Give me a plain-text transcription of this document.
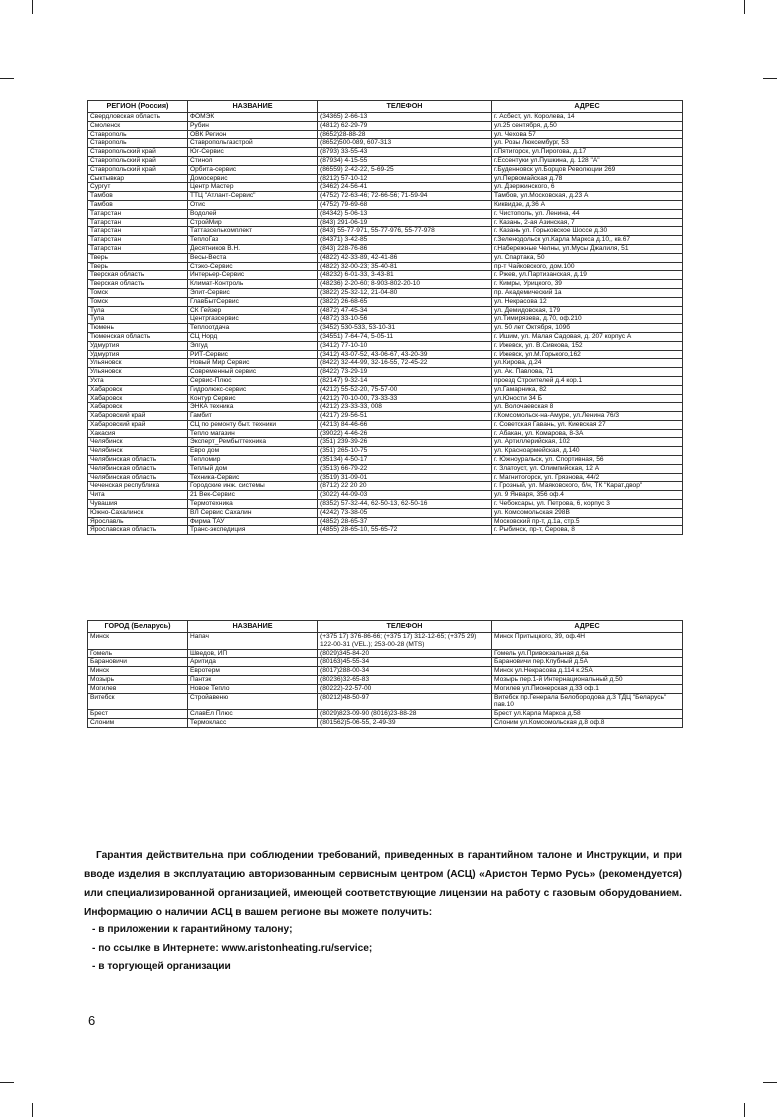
РЕГИОН (Россия)	НАЗВАНИЕ	ТЕЛЕФОН	АДРЕС
Свердловская область	ФОМЭК	(34365) 2-66-13	г. Асбест, ул. Королева, 14
Смоленск	Рубин	(4812) 62-29-79	ул.25 сентября, д.50
Ставрополь	ОВК Регион	(8652)28-88-28	ул. Чехова 57
Ставрополь	Ставропольгазстрой	(8652)500-089, 607-313	ул. Розы Люксембург, 53
Ставропольский край	Юг-Сервис	(8793) 33-55-43	г.Пятигорск, ул.Пирогова, д.17
Ставропольский край	Стинол	(87934) 4-15-55	г.Ессентуки ул.Пушкина, д. 128 "А"
Ставропольский край	Орбита-сервис	(86559) 2-42-22, 5-69-25	г.Буденновск ул.Борцов Революции 269
Сыктывкар	Домосервис	(8212) 57-10-12	ул.Первомайская д.78
Сургут	Центр Мастер	(3462) 24-56-41	ул. Дзержинского, 6
Тамбов	ТТЦ "Атлант-Сервис"	(4752) 72-63-46; 72-66-56; 71-59-94	Тамбов, ул.Московская, д.23 А
Тамбов	Отис	(4752) 79-69-68	Киквидзе, д.36 А
Татарстан	Водолей	(84342) 5-06-13	г. Чистополь, ул. Ленина, 44
Татарстан	СтройМир	(843) 291-06-19	г. Казань, 2-ая Азинская, 7
Татарстан	Таттазселькомплект	(843) 55-77-971, 55-77-976, 55-77-978	г. Казань ул. Горьковское Шоссе д.30
Татарстан	ТеплоГаз	(84371) 3-42-85	г.Зеленодольск ул.Карла Маркса д.10,, кв.67
Татарстан	Десятников В.Н.	(843) 228-76-86	г.Набережные Челны, ул.Мусы Джалиля, 51
Тверь	Весы-Веста	(4822) 42-33-89, 42-41-86	ул. Спартака, 50
Тверь	Стэко-Сервис	(4822) 32-00-23; 35-40-81	пр-т Чайковского, дом.100
Тверская область	Интерьер-Сервис	(48232) 6-01-33, 3-43-81	г. Ржев, ул.Партизанская, д.19
Тверская область	Климат-Контроль	(48236) 2-20-60; 8-903-802-20-10	г. Кимры, Урицкого, 39
Томск	Элит-Сервис	(3822) 25-32-12, 21-04-80	пр. Академический 1а
Томск	ГлавБытСервис	(3822) 26-68-65	ул. Некрасова 12
Тула	СК Гейзер	(4872) 47-45-34	ул. Демидовская, 179
Тула	Центргазсервис	(4872) 33-10-56	ул.Тимирязева, д.70, оф.210
Тюмень	Теплоотдача	(3452) 530-533, 53-10-31	ул. 50 лет Октября, 109б
Тюменская область	СЦ Норд	(34551) 7-64-74, 5-05-11	г. Ишим, ул. Малая Садовая, д. 207 корпус А
Удмуртия	Элгуд	(3412) 77-10-10	г. Ижевск, ул. В.Сивкова, 152
Удмуртия	РИТ-Сервис	(3412) 43-07-52, 43-06-67, 43-20-39	г. Ижевск, ул.М.Горького,162
Ульяновск	Новый Мир Сервис	(8422) 32-44-99, 32-16-55, 72-45-22	ул.Кирова, д.24
Ульяновск	Современный сервис	(8422) 73-29-19	ул. Ак. Павлова, 71
Ухта	Сервис-Плюс	(82147) 9-32-14	проезд Строителей д.4 кор.1
Хабаровск	Гидролюкс-сервис	(4212) 55-52-20, 75-57-00	ул.Гамарника, 82
Хабаровск	Контур Сервис	(4212) 70-10-00, 73-33-33	ул.Юности 34 Б
Хабаровск	ЭНКА техника	(4212) 23-33-33, 008	ул. Волочаевская 8
Хабаровский край	Гамбит	(4217) 29-56-51	г.Комсомольск-на-Амуре, ул.Ленина 76/3
Хабаровский край	СЦ по ремонту быт. техники	(4213) 84-46-66	г. Советская Гавань, ул. Киевская 27
Хакасия	Тепло магазин	(39022) 4-46-26	г. Абакан, ул. Комарова, 8-3А
Челябинск	Эксперт_Рембыттехника	(351) 239-39-26	ул. Артиллерийская, 102
Челябинск	Евро дом	(351) 265-10-75	ул. Красноармейская, д.140
Челябинская область	Тепломир	(35134) 4-50-17	г. Южноуральск, ул. Спортивная, 56
Челябинская область	Теплый дом	(3513) 66-79-22	г. Златоуст, ул. Олимпийская, 12 А
Челябинская область	Техника-Сервис	(3519) 31-09-01	г. Магнитогорск, ул. Грязнова, 44/2
Чеченская республика	Городские инж. системы	(8712) 22 20 20	г. Грозный, ул. Маяковского, б/н, ТК "Карат.двор"
Чита	21 Век-Сервис	(3022) 44-09-03	ул. 9 Января, 356 оф.4
Чувашия	Термотехника	(8352) 57-32-44, 62-50-13, 62-50-16	г. Чебоксары, ул. Петрова, 6, корпус 3
Южно-Сахалинск	ВЛ Сервис Сахалин	(4242) 73-38-05	ул. Комсомольская 298В
Ярославль	Фирма ТАУ	(4852) 28-65-37	Московский пр-т, д.1а, стр.5
Ярославская область	Транс-экспедиция	(4855) 28-65-10, 55-65-72	г. Рыбинск, пр-т, Серова, 8
ГОРОД (Беларусь)	НАЗВАНИЕ	ТЕЛЕФОН	АДРЕС
Минск	Напач	(+375 17) 376-86-66; (+375 17) 312-12-65; (+375 29) 122-00-31 (VEL.); 253-00-28 (MTS)	Минск Притыцкого, 39, оф.4Н
Гомель	Шведов, ИП	(8029)345-84-20	Гомель ул.Привокзальная д.6а
Барановичи	Аритида	(80163)45-55-34	Барановичи пер.Клубный д.5А
Минск	Евротерм	(8017)288-00-34	Минск ул.Некрасова д.114 к.25А
Мозырь	Пантэк	(80236)32-65-83	Мозырь пер.1-й Интернациональный д.50
Могилев	Новое Тепло	(80222)-22-57-00	Могилев ул.Пионерская д.33 оф.1
Витебск	Стройавеню	(80212)48-50-97	Витебск пр.Генерала Белобородова д.3 ТДЦ "Беларусь" пав.10
Брест	СлавЕл Плюс	(8029)823-09-90 (8016)23-88-28	Брест ул.Карла Маркса д.58
Слоним	Термокласс	(801562)5-06-55, 2-49-39	Слоним ул.Комсомольская д.8 оф.8
Гарантия действительна при соблюдении требований, приведенных в гарантийном талоне и Инструкции, и при вводе изделия в эксплуатацию авторизованным сервисным центром (АСЦ) «Аристон Термо Русь» (рекомендуется) или специализированной организацией, имеющей соответствующие лицензии на работу с газовым оборудованием. Информацию о наличии АСЦ в вашем регионе вы можете получить:
- в приложении к гарантийному талону;
- по ссылке в Интернете: www.aristonheating.ru/service;
- в торгующей организации
6
